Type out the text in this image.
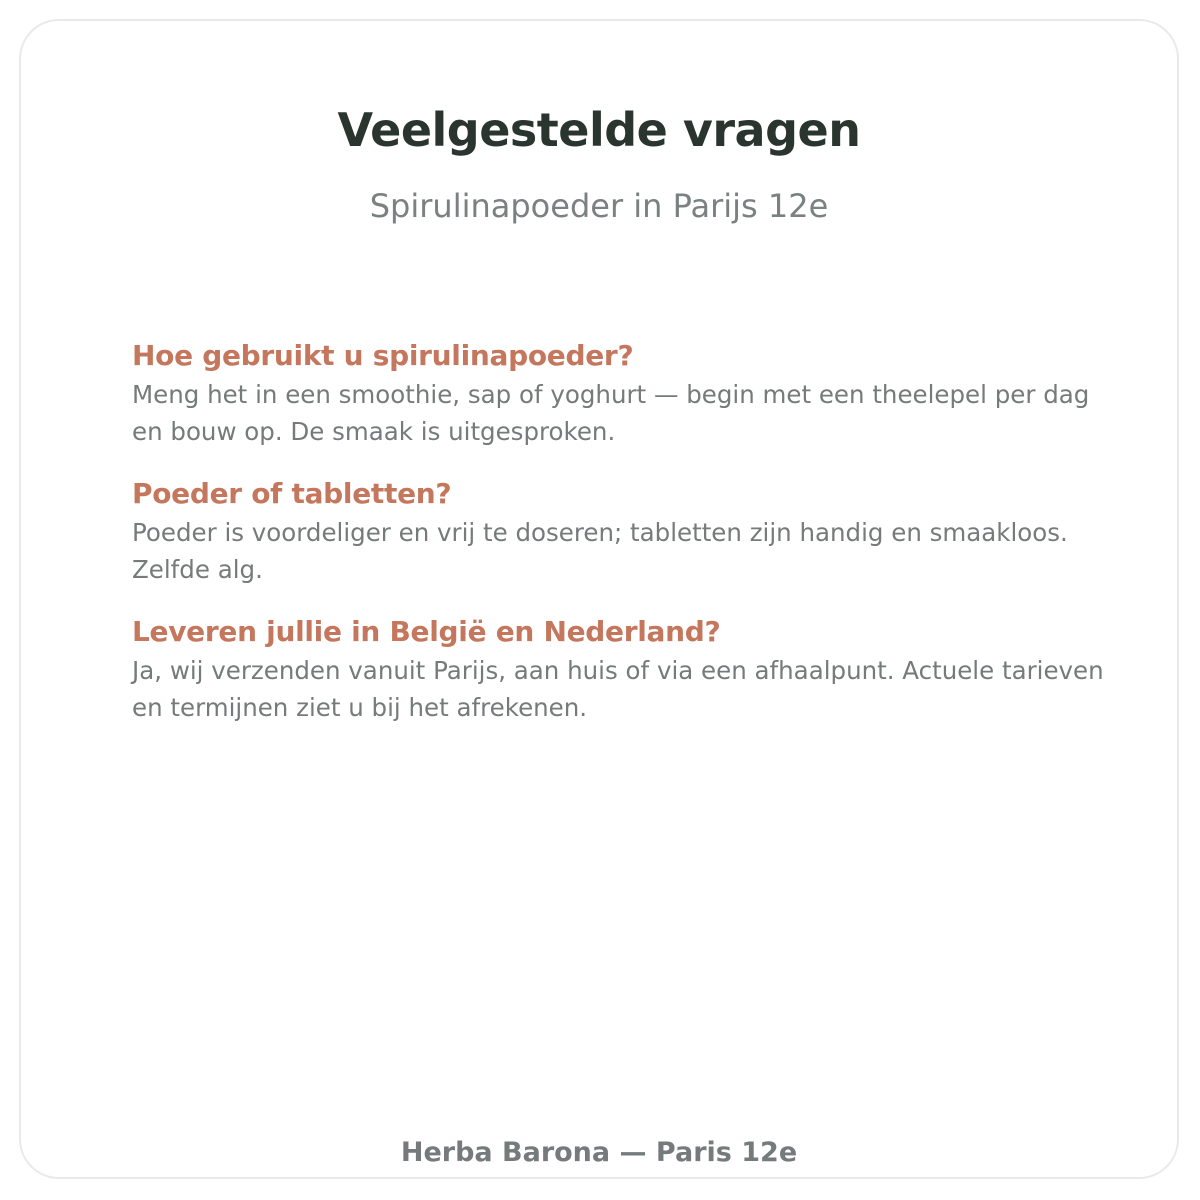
Veelgestelde vragen
Spirulinapoeder in Parijs 12e
Hoe gebruikt u spirulinapoeder?
Meng het in een smoothie, sap of yoghurt — begin met een theelepel per dag en bouw op. De smaak is uitgesproken.
Poeder of tabletten?
Poeder is voordeliger en vrij te doseren; tabletten zijn handig en smaakloos. Zelfde alg.
Leveren jullie in België en Nederland?
Ja, wij verzenden vanuit Parijs, aan huis of via een afhaalpunt. Actuele tarieven en termijnen ziet u bij het afrekenen.
Herba Barona — Paris 12e
